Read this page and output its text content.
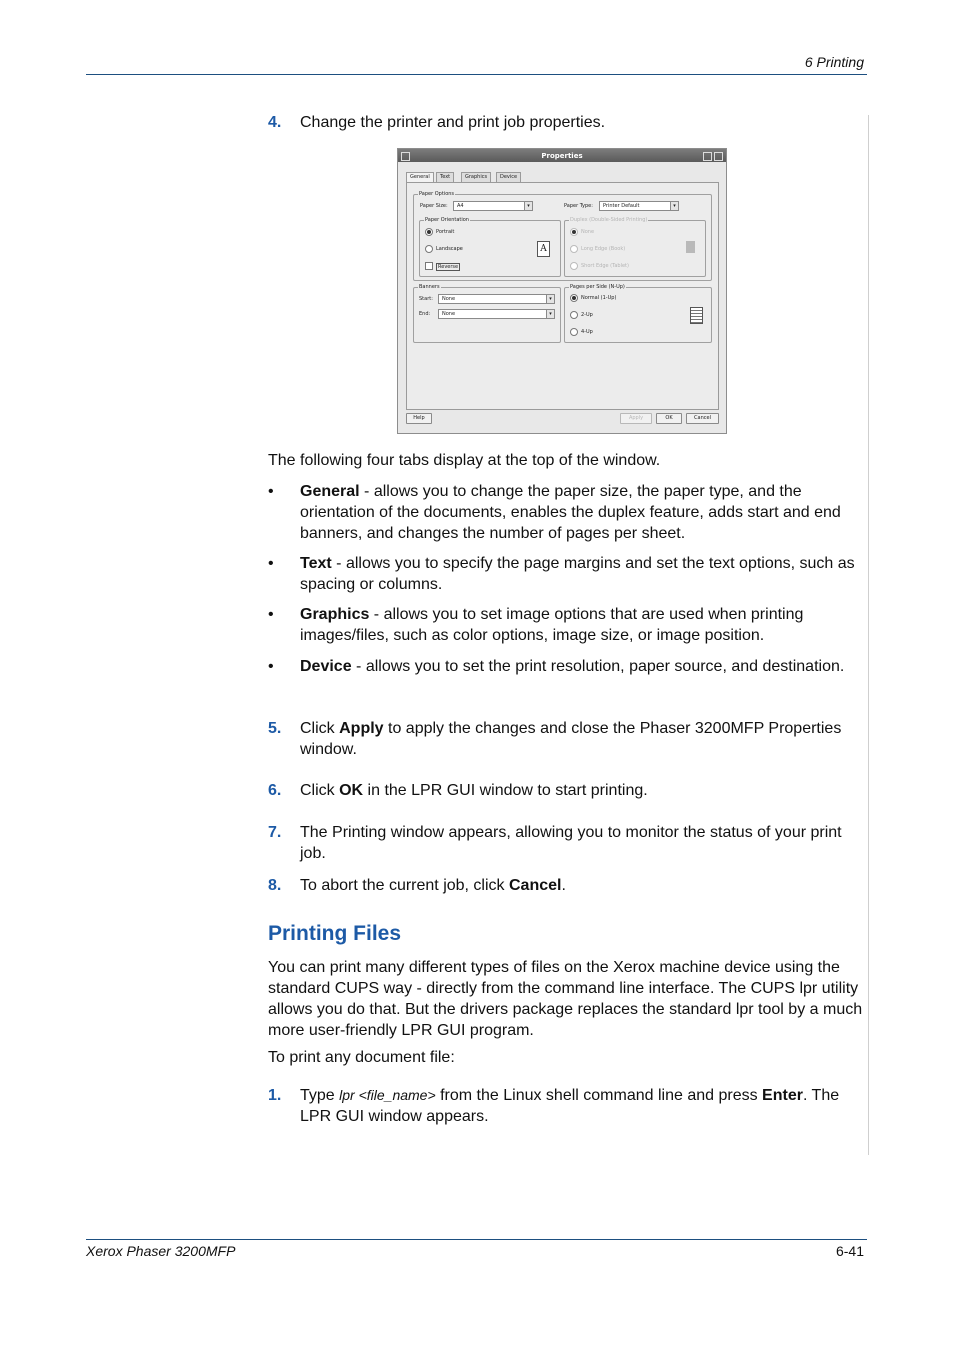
6 Printing
4. Change the printer and print job properties.
Properties
General	Text	Graphics	Device
Paper Options
Paper Size: A4	▾	Paper Type: Printer Default	▾
Paper Orientation
Portrait
Landscape
Reverse
A
Duplex (Double-Sided Printing)
None
Long Edge (Book)
Short Edge (Tablet)
Banners
Start: None	▾
End: None	▾
Pages per Side (N-Up)
Normal (1-Up)
2-Up
4-Up
Help	Apply	OK	Cancel
The following four tabs display at the top of the window.
• General - allows you to change the paper size, the paper type, and the orientation of the documents, enables the duplex feature, adds start and end banners, and changes the number of pages per sheet.
• Text - allows you to specify the page margins and set the text options, such as spacing or columns.
• Graphics - allows you to set image options that are used when printing images/files, such as color options, image size, or image position.
• Device - allows you to set the print resolution, paper source, and destination.
5. Click Apply to apply the changes and close the Phaser 3200MFP Properties window.
6. Click OK in the LPR GUI window to start printing.
7. The Printing window appears, allowing you to monitor the status of your print job.
8. To abort the current job, click Cancel.
Printing Files
You can print many different types of files on the Xerox machine device using the standard CUPS way - directly from the command line interface. The CUPS lpr utility allows you do that. But the drivers package replaces the standard lpr tool by a much more user-friendly LPR GUI program.
To print any document file:
1. Type lpr <file_name> from the Linux shell command line and press Enter. The LPR GUI window appears.
Xerox Phaser 3200MFP	6-41
